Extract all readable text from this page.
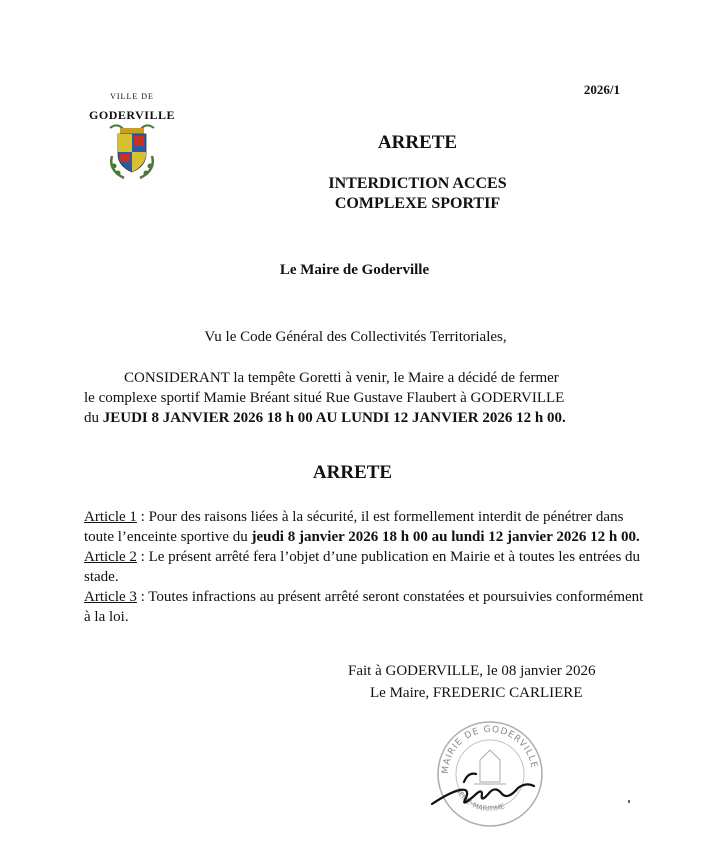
2026/1
VILLE DE
GODERVILLE
ARRETE
INTERDICTION ACCES
COMPLEXE SPORTIF
Le Maire de Goderville
Vu le Code Général des Collectivités Territoriales,
CONSIDERANT la tempête Goretti à venir, le Maire a décidé de fermer
le complexe sportif Mamie Bréant situé Rue Gustave Flaubert à GODERVILLE
du JEUDI 8 JANVIER 2026 18 h 00 AU LUNDI 12 JANVIER 2026 12 h 00.
ARRETE
Article 1 : Pour des raisons liées à la sécurité, il est formellement interdit de pénétrer dans toute l’enceinte sportive du jeudi 8 janvier 2026 18 h 00 au lundi 12 janvier 2026 12 h 00.
Article 2 : Le présent arrêté fera l’objet d’une publication en Mairie et à toutes les entrées du stade.
Article 3 : Toutes infractions au présent arrêté seront constatées et poursuivies conformément à la loi.
Fait à GODERVILLE, le 08 janvier 2026
Le Maire, FREDERIC CARLIERE
MAIRIE DE GODERVILLE
SEINE-MARITIME
